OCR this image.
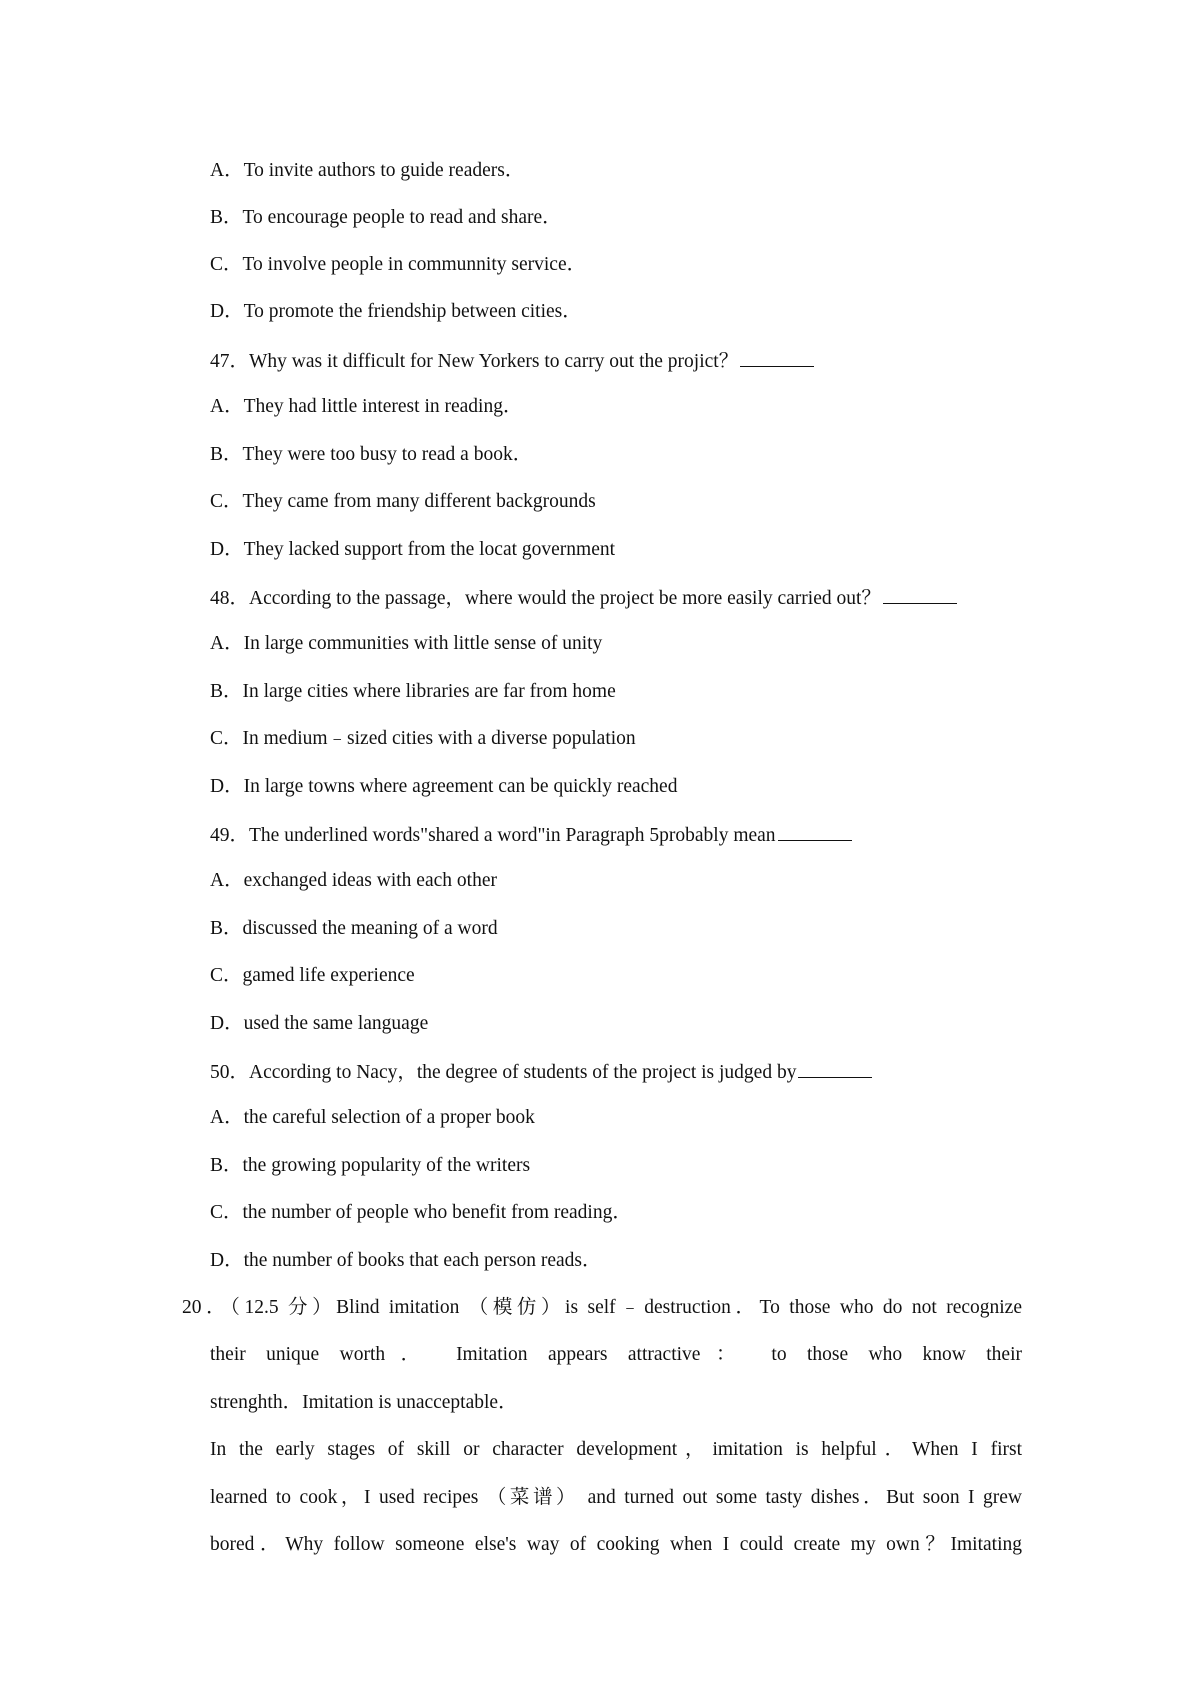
A．To invite authors to guide readers．
B．To encourage people to read and share．
C．To involve people in communnity service．
D．To promote the friendship between cities．
47．Why was it difficult for New Yorkers to carry out the projict？
A．They had little interest in reading．
B．They were too busy to read a book．
C．They came from many different backgrounds
D．They lacked support from the locat government
48．According to the passage，where would the project be more easily carried out？
A．In large communities with little sense of unity
B．In large cities where libraries are far from home
C．In medium﹣sized cities with a diverse population
D．In large towns where agreement can be quickly reached
49．The underlined words"shared a word"in Paragraph 5probably mean
A．exchanged ideas with each other
B．discussed the meaning of a word
C．gamed life experience
D．used the same language
50．According to Nacy，the degree of students of the project is judged by
A．the careful selection of a proper book
B．the growing popularity of the writers
C．the number of people who benefit from reading．
D．the number of books that each person reads．
20．（12.5 分）Blind imitation （模仿）is self﹣destruction．To those who do not recognize
their unique worth． Imitation appears attractive： to those who know their
strenghth．Imitation is unacceptable．
In the early stages of skill or character development，imitation is helpful．When I first
learned to cook，I used recipes （菜谱） and turned out some tasty dishes．But soon I grew
bored．Why follow someone else's way of cooking when I could create my own？Imitating
